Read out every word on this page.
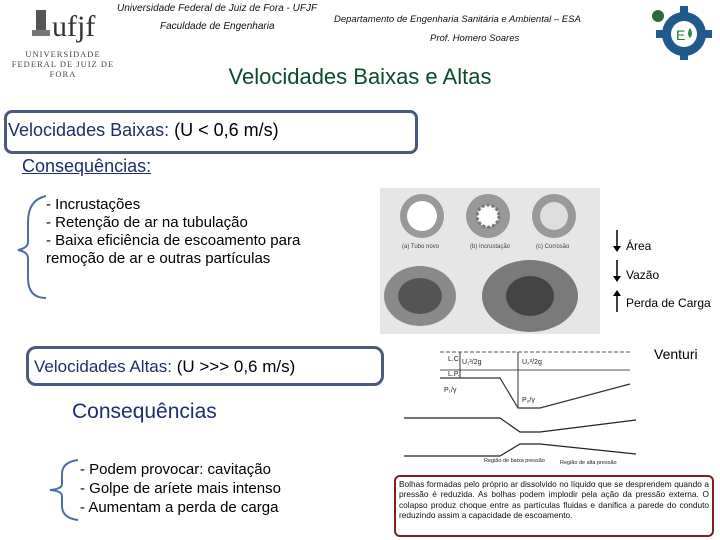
ufjf
UNIVERSIDADE
FEDERAL DE JUIZ DE FORA
Universidade Federal de Juiz de Fora - UFJF
Faculdade de Engenharia
Departamento de Engenharia Sanitária e Ambiental – ESA
Prof. Homero Soares	E
Velocidades Baixas e Altas
Velocidades Baixas: (U < 0,6 m/s)
Consequências:
- Incrustações
- Retenção de ar na tubulação
- Baixa eficiência de escoamento para remoção de ar e outras partículas
(a) Tubo novo	(b) Incrustação	(c) Corrosão	Área
Vazão
Perda de Carga
Velocidades Altas: (U >>> 0,6 m/s)
Consequências
- Podem provocar: cavitação
- Golpe de aríete mais intenso
- Aumentam a perda de carga
Venturi
L.C.
L.P.
U₁²/2g	U₂²/2g
P₁/γ
P₂/γ
Região de baixa pressão	Região de alta pressão
Bolhas formadas pelo próprio ar dissolvido no líquido que se desprendem quando a pressão é reduzida. As bolhas podem implodir pela ação da pressão externa. O colapso produz choque entre as partículas fluidas e danifica a parede do conduto reduzindo assim a capacidade de escoamento.
